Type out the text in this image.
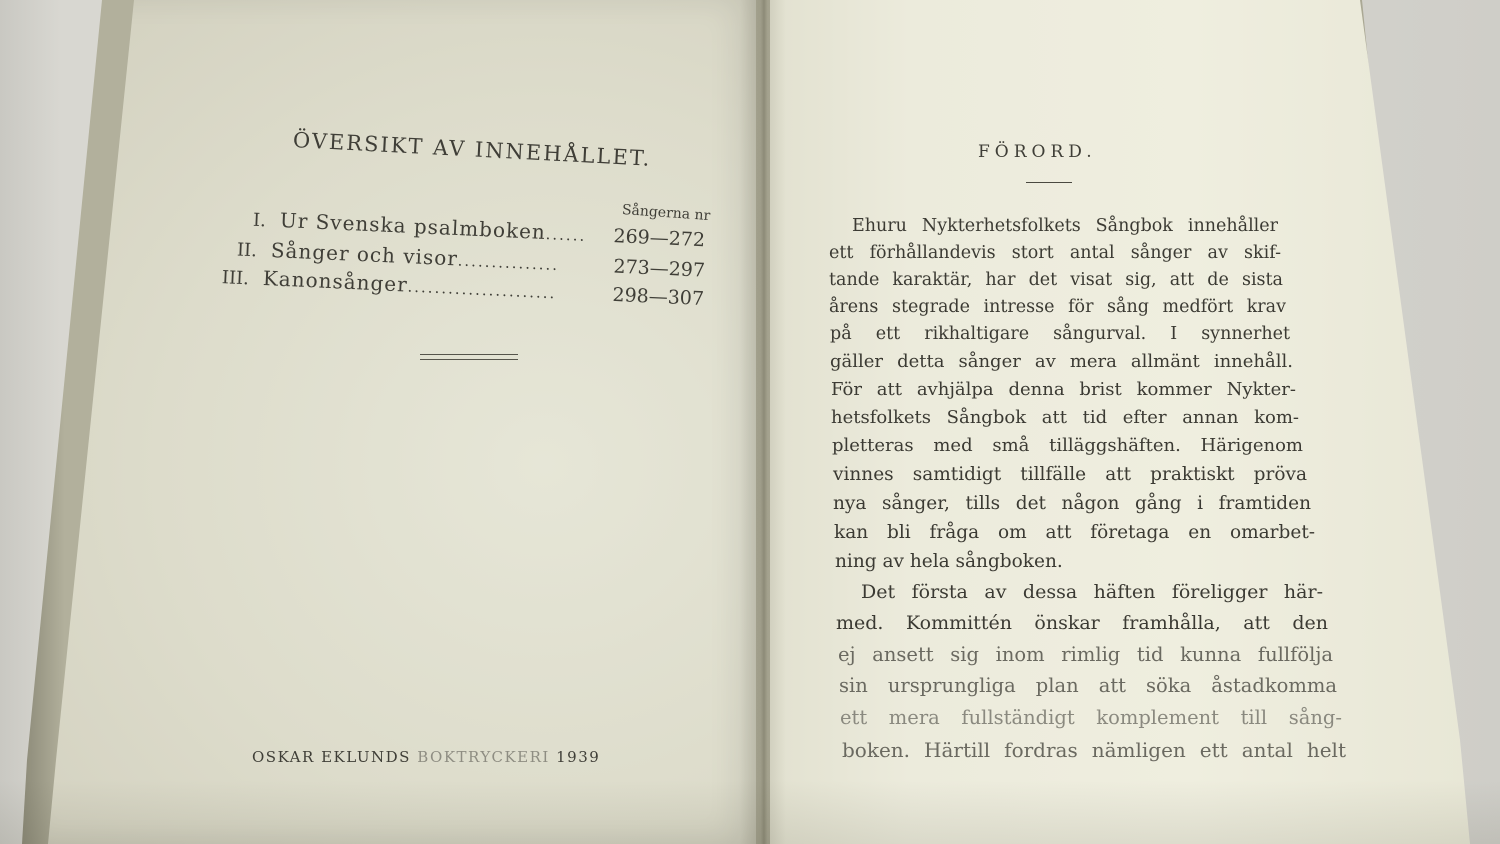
ÖVERSIKT AV INNEHÅLLET.
Sångerna nr
I. Ur Svenska psalmboken...... 269—272
II. Sånger och visor...............	273—297
III. Kanonsånger......................	298—307
OSKAR EKLUNDS BOKTRYCKERI 1939
FÖRORD.
Ehuru Nykterhetsfolkets Sångbok innehåller
ett förhållandevis stort antal sånger av skif-
tande karaktär, har det visat sig, att de sista
årens stegrade intresse för sång medfört krav
på ett rikhaltigare sångurval. I synnerhet
gäller detta sånger av mera allmänt innehåll.
För att avhjälpa denna brist kommer Nykter-
hetsfolkets Sångbok att tid efter annan kom-
pletteras med små tilläggshäften. Härigenom
vinnes samtidigt tillfälle att praktiskt pröva
nya sånger, tills det någon gång i framtiden
kan bli fråga om att företaga en omarbet-
ning av hela sångboken.
Det första av dessa häften föreligger här-
med. Kommittén önskar framhålla, att den
ej ansett sig inom rimlig tid kunna fullfölja
sin ursprungliga plan att söka åstadkomma
ett mera fullständigt komplement till sång-
boken. Härtill fordras nämligen ett antal helt
